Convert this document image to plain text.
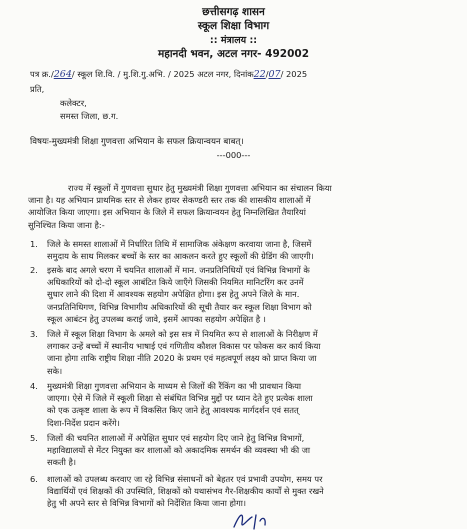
छत्तीसगढ़ शासन
स्कूल शिक्षा विभाग
:: मंत्रालय ::
महानदी भवन, अटल नगर- 492002
पत्र क्र./264/ स्कूल शि.वि. / मु.शि.गु.अभि. / 2025 अटल नगर, दिनांक22/07/ 2025
प्रति,
कलेक्टर,
समस्त जिला, छ.ग.
विषयः-मुख्यमंत्री शिक्षा गुणवत्ता अभियान के सफल क्रियान्वयन बाबत्।
---000---
राज्य में स्कूलों में गुणवत्ता सुधार हेतु मुख्यमंत्री शिक्षा गुणवत्ता अभियान का संचालन किया
जाना है। यह अभियान प्राथमिक स्तर से लेकर हायर सेकण्डरी स्तर तक की शासकीय शालाओं में
आयोजित किया जाएगा। इस अभियान के जिले में सफल क्रियान्वयन हेतु निम्नलिखित तैयारियां
सुनिश्चित किया जाना है:-
1. जिले के समस्त शालाओं में निर्धारित तिथि में सामाजिक अंकेक्षण करवाया जाना है, जिसमें
समुदाय के साथ मिलकर बच्चों के स्तर का आकलन करते हुए स्कूलों की ग्रेडिंग की जाएगी।
2. इसके बाद अगले चरण में चयनित शालाओं में मान. जनप्रतिनिधियों एवं विभिन्न विभागों के
अधिकारियों को दो-दो स्कूल आबंटित किये जाएँगे जिसकी नियमित मानिटरिंग कर उनमें
सुधार लाने की दिशा में आवश्यक सहयोग अपेक्षित होगा। इस हेतु अपने जिले के मान.
जनप्रतिनिधिगण, विभिन्न विभागीय अधिकारियों की सूची तैयार कर स्कूल शिक्षा विभाग को
स्कूल आबंटन हेतु उपलब्ध कराई जावे, इसमें आपका सहयोग अपेक्षित है ।
3. जिले में स्कूल शिक्षा विभाग के अमले को इस सत्र में नियमित रूप से शालाओं के निरीक्षण में
लगाकर उन्हें बच्चों में स्थानीय भाषाई एवं गणितीय कौशल विकास पर फोकस कर कार्य किया
जाना होगा ताकि राष्ट्रीय शिक्षा नीति 2020 के प्रथम एवं महत्वपूर्ण लक्ष्य को प्राप्त किया जा
सके।
4. मुख्यमंत्री शिक्षा गुणवत्ता अभियान के माध्यम से जिलों की रैंकिंग का भी प्रावधान किया
जाएगा। ऐसे में जिले में स्कूली शिक्षा से संबंधित विभिन्न मुद्दों पर ध्यान देते हुए प्रत्येक शाला
को एक उत्कृष्ट शाला के रूप में विकसित किए जाने हेतु आवश्यक मार्गदर्शन एवं सतत्
दिशा-निर्देश प्रदान करेंगे।
5. जिलों की चयनित शालाओं में अपेक्षित सुधार एवं सहयोग दिए जाने हेतु विभिन्न विभागों,
महाविद्यालयों से मेंटर नियुक्त कर शालाओं को अकादमिक समर्थन की व्यवस्था भी की जा
सकती है।
6. शालाओं को उपलब्ध करवाए जा रहे विभिन्न संसाधनों को बेहतर एवं प्रभावी उपयोग, समय पर
विद्यार्थियों एवं शिक्षकों की उपस्थिति, शिक्षकों को यथासंभव गैर-शिक्षकीय कार्यों से मुक्त रखने
हेतु भी अपने स्तर से विभिन्न विभागों को निर्देशित किया जाना होगा।
